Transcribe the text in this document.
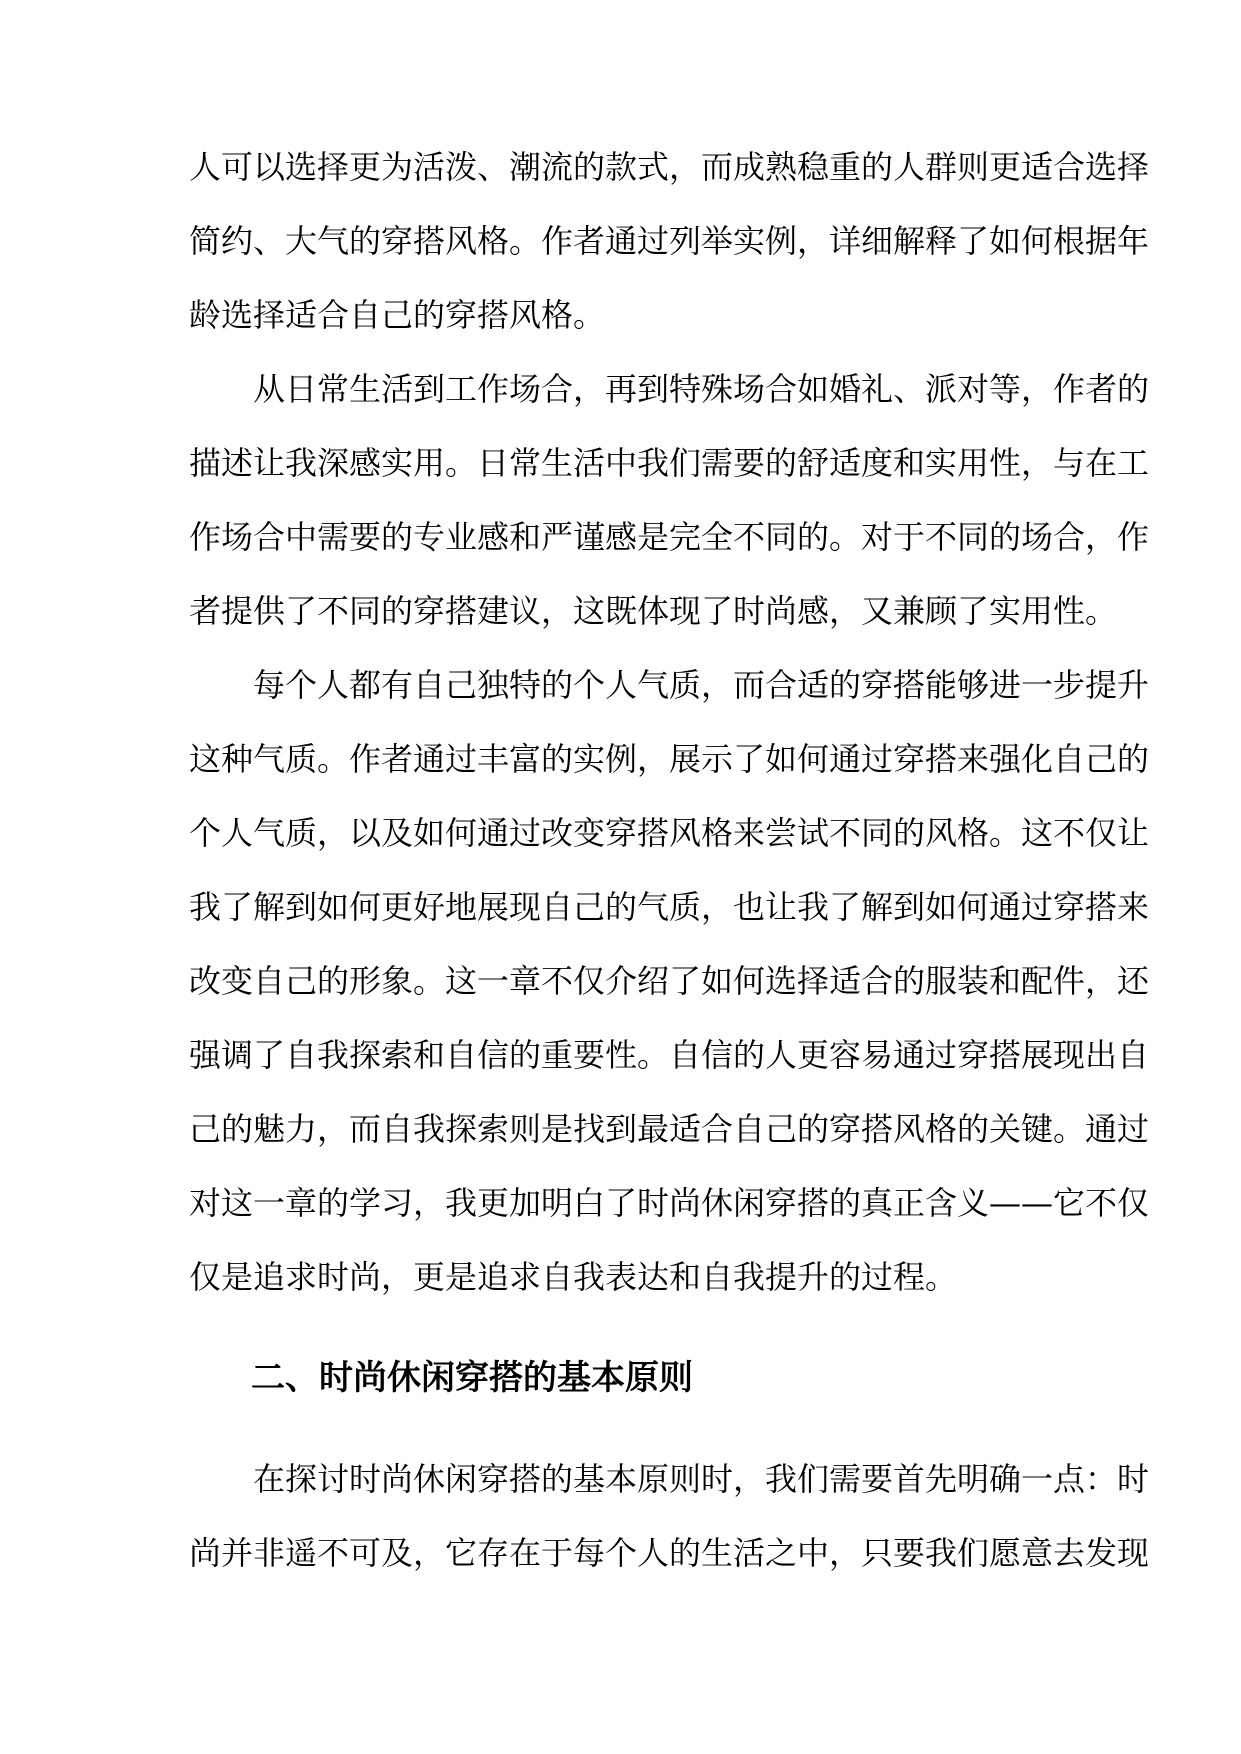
人可以选择更为活泼、潮流的款式，而成熟稳重的人群则更适合选择
简约、大气的穿搭风格。作者通过列举实例，详细解释了如何根据年
龄选择适合自己的穿搭风格。
从日常生活到工作场合，再到特殊场合如婚礼、派对等，作者的
描述让我深感实用。日常生活中我们需要的舒适度和实用性，与在工
作场合中需要的专业感和严谨感是完全不同的。对于不同的场合，作
者提供了不同的穿搭建议，这既体现了时尚感，又兼顾了实用性。
每个人都有自己独特的个人气质，而合适的穿搭能够进一步提升
这种气质。作者通过丰富的实例，展示了如何通过穿搭来强化自己的
个人气质，以及如何通过改变穿搭风格来尝试不同的风格。这不仅让
我了解到如何更好地展现自己的气质，也让我了解到如何通过穿搭来
改变自己的形象。这一章不仅介绍了如何选择适合的服装和配件，还
强调了自我探索和自信的重要性。自信的人更容易通过穿搭展现出自
己的魅力，而自我探索则是找到最适合自己的穿搭风格的关键。通过
对这一章的学习，我更加明白了时尚休闲穿搭的真正含义——它不仅
仅是追求时尚，更是追求自我表达和自我提升的过程。
二、时尚休闲穿搭的基本原则
在探讨时尚休闲穿搭的基本原则时，我们需要首先明确一点：时
尚并非遥不可及，它存在于每个人的生活之中，只要我们愿意去发现
